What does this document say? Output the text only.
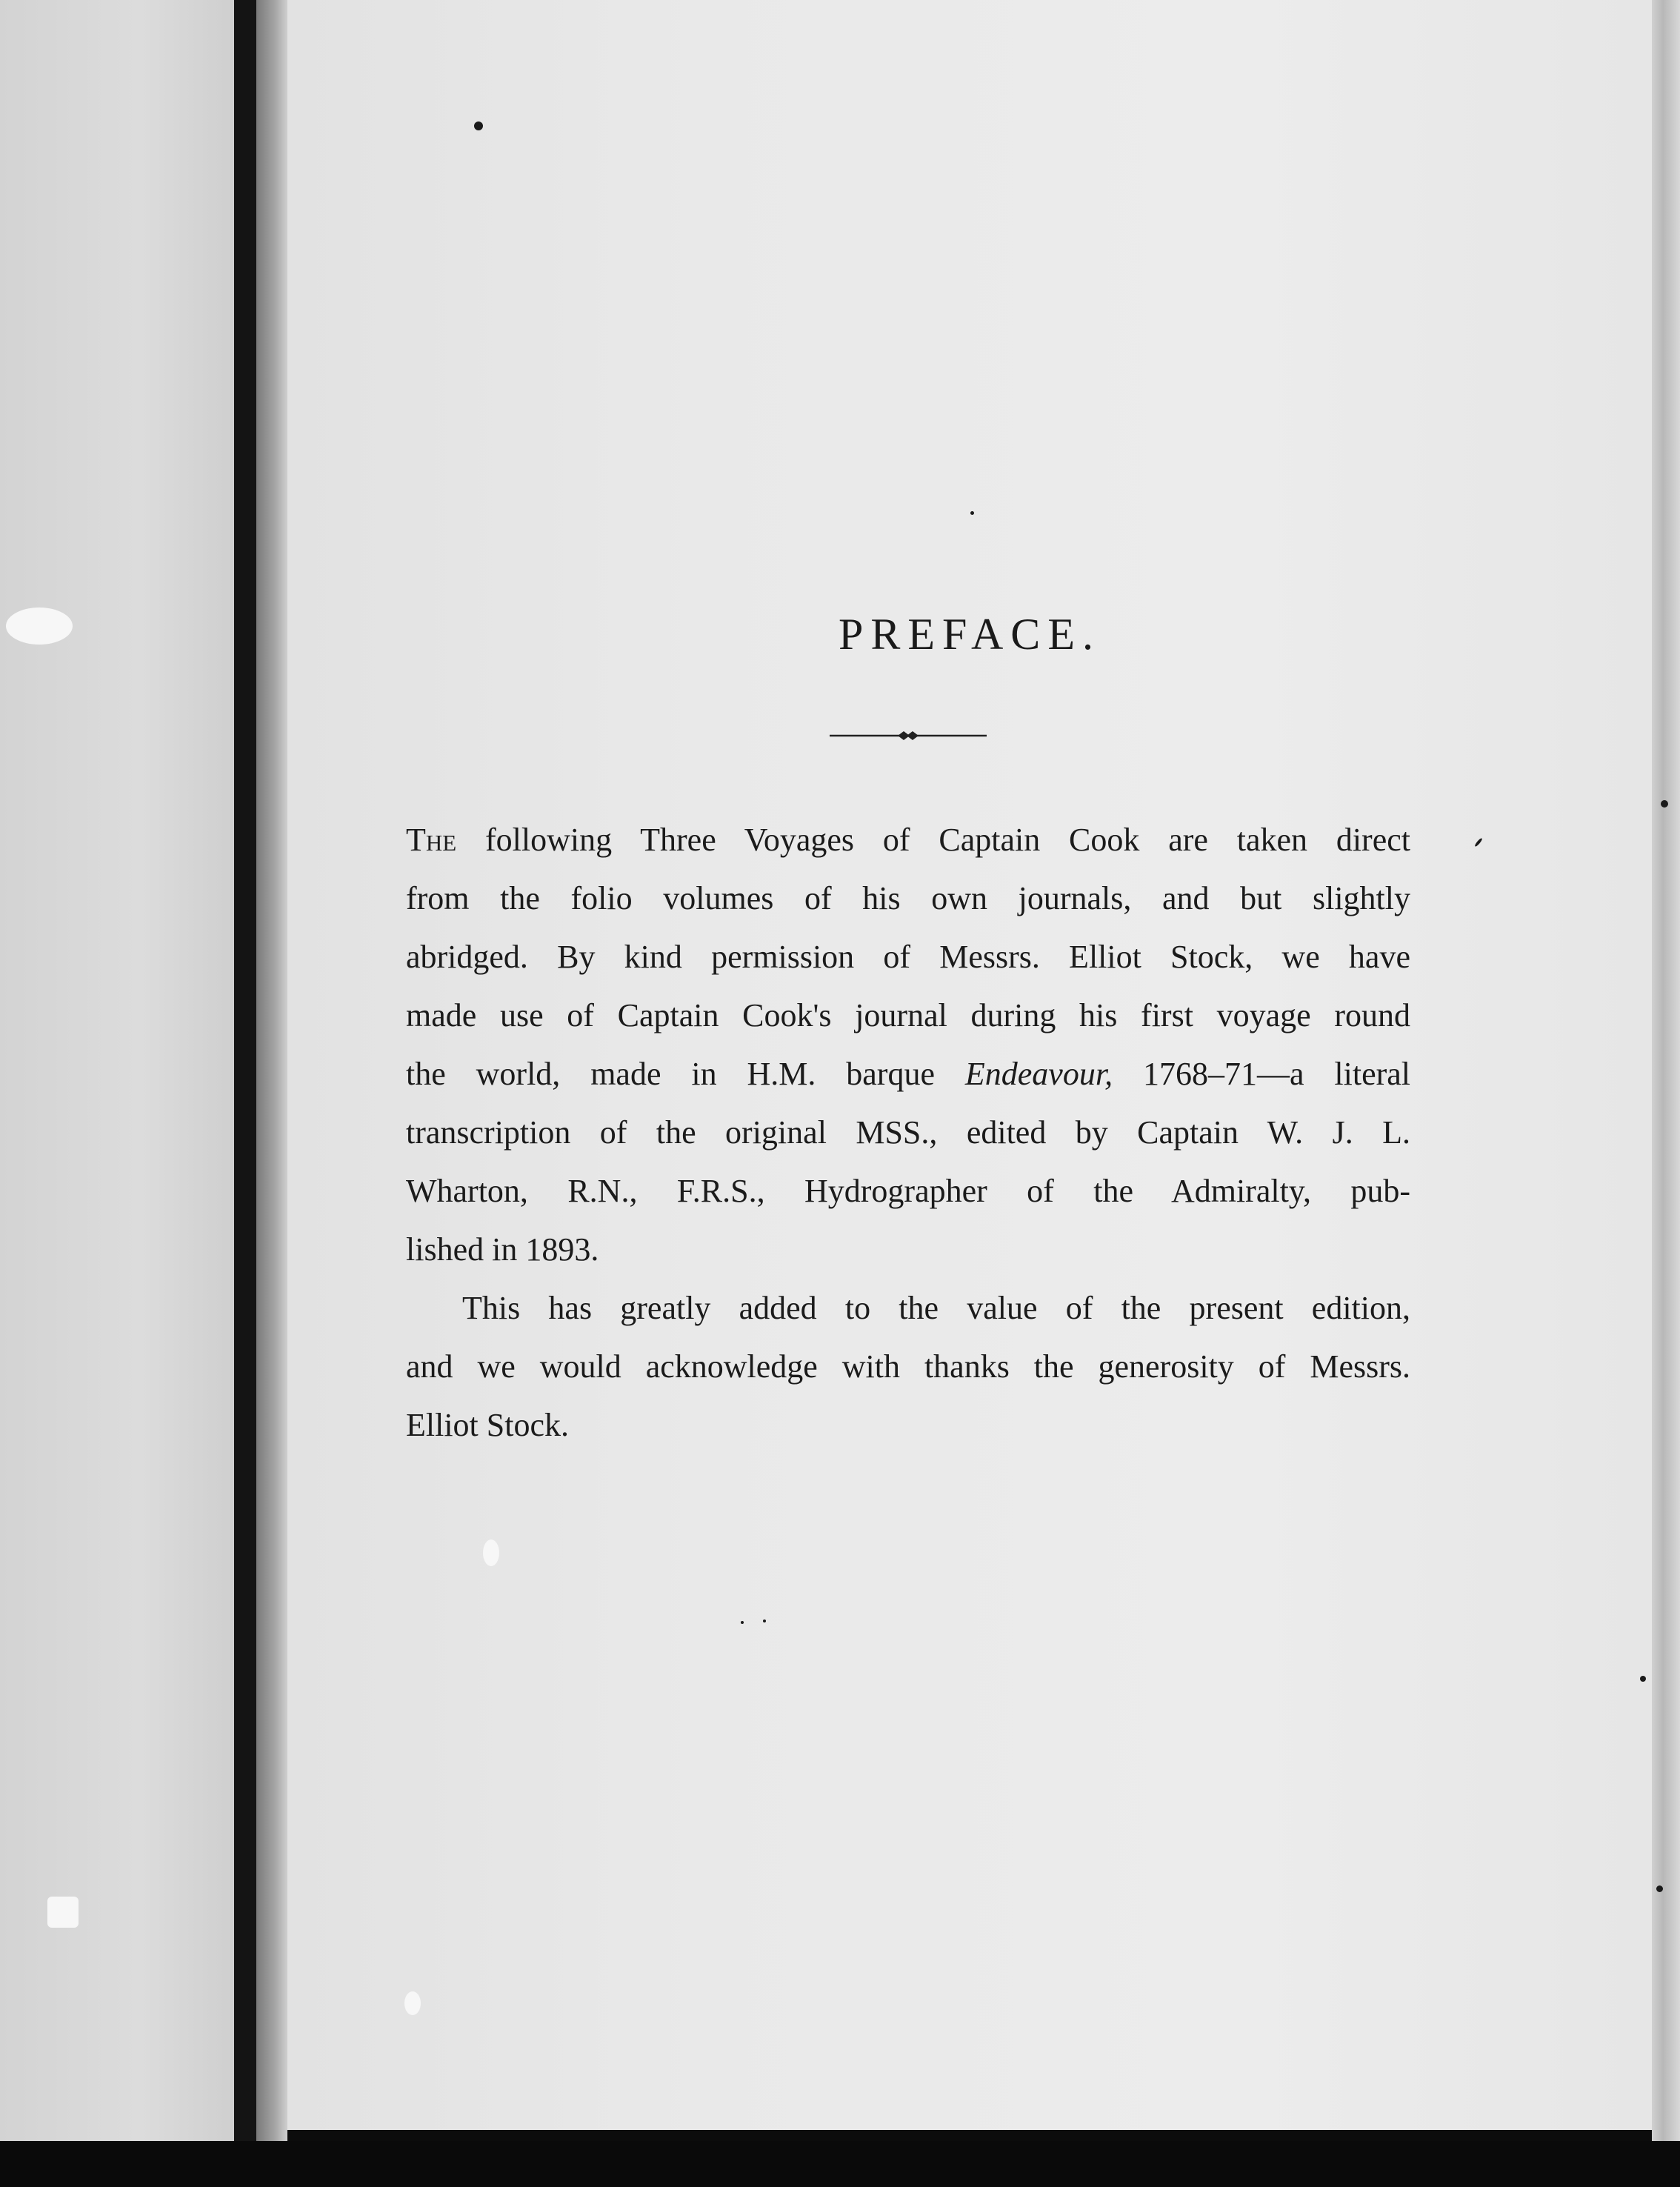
PREFACE.
The following Three Voyages of Captain Cook are taken direct
from the folio volumes of his own journals, and but slightly
abridged. By kind permission of Messrs. Elliot Stock, we have
made use of Captain Cook's journal during his first voyage round
the world, made in H.M. barque Endeavour, 1768–71—a literal
transcription of the original MSS., edited by Captain W. J. L.
Wharton, R.N., F.R.S., Hydrographer of the Admiralty, pub-
lished in 1893.
This has greatly added to the value of the present edition,
and we would acknowledge with thanks the generosity of Messrs.
Elliot Stock.
